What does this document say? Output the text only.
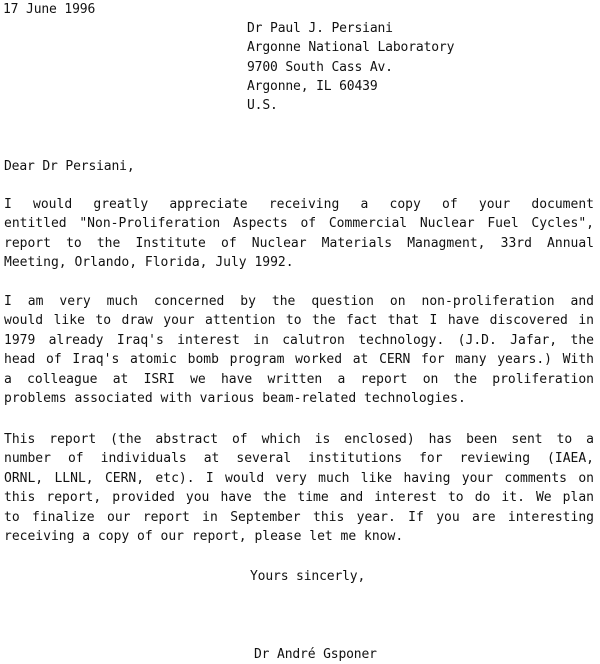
17 June 1996
Dr Paul J. Persiani
Argonne National Laboratory
9700 South Cass Av.
Argonne, IL 60439
U.S.
Dear Dr Persiani,
I would greatly appreciate receiving a copy of your document
entitled "Non-Proliferation Aspects of Commercial Nuclear Fuel Cycles",
report to the Institute of Nuclear Materials Managment, 33rd Annual
Meeting, Orlando, Florida, July 1992.
I am very much concerned by the question on non-proliferation and
would like to draw your attention to the fact that I have discovered in
1979 already Iraq's interest in calutron technology. (J.D. Jafar, the
head of Iraq's atomic bomb program worked at CERN for many years.) With
a colleague at ISRI we have written a report on the proliferation
problems associated with various beam-related technologies.
This report (the abstract of which is enclosed) has been sent to a
number of individuals at several institutions for reviewing (IAEA,
ORNL, LLNL, CERN, etc). I would very much like having your comments on
this report, provided you have the time and interest to do it. We plan
to finalize our report in September this year. If you are interesting
receiving a copy of our report, please let me know.
Yours sincerly,
Dr André Gsponer
